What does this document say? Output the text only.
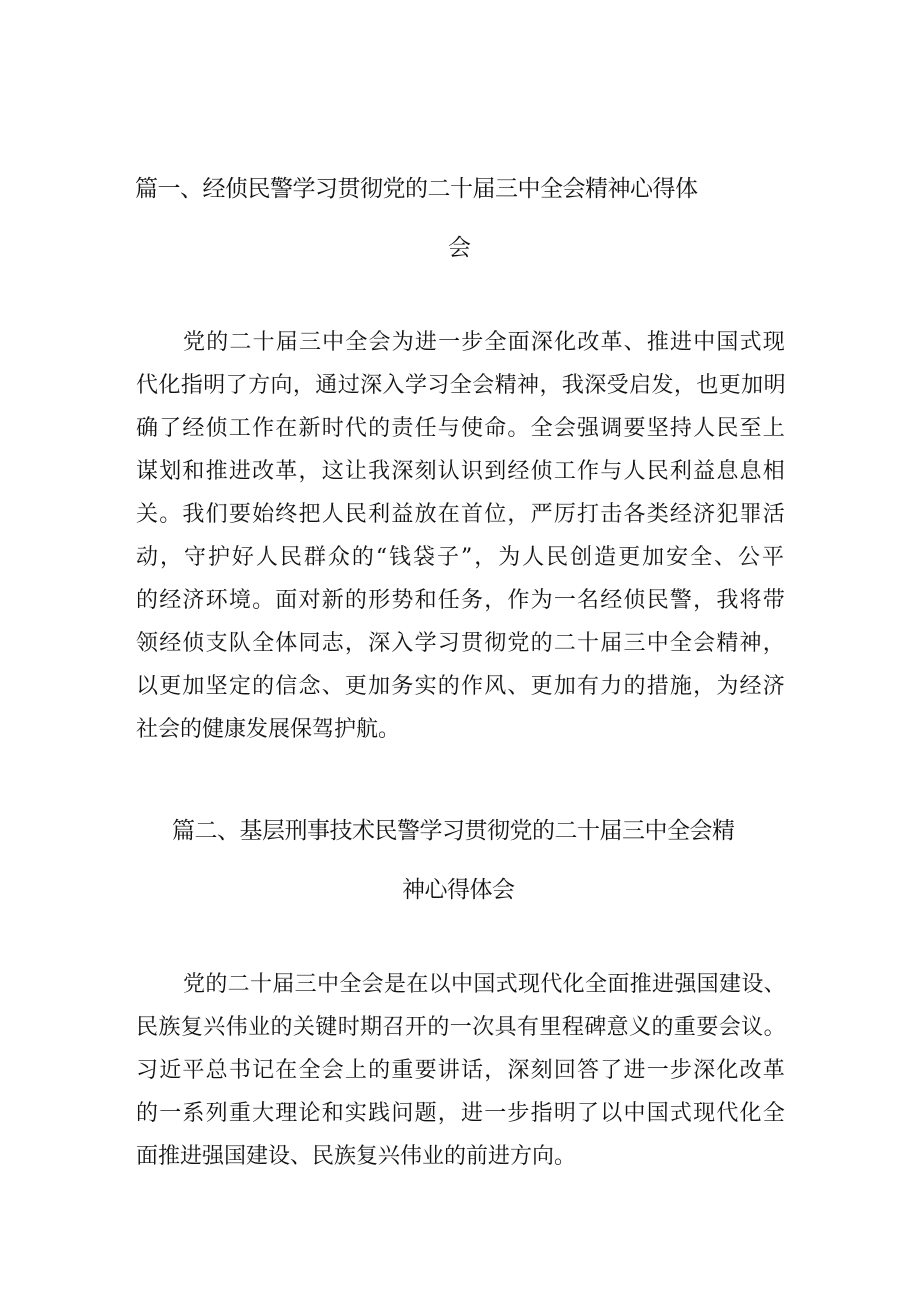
篇一、经侦民警学习贯彻党的二十届三中全会精神心得体
会
党的二十届三中全会为进一步全面深化改革、推进中国式现
代化指明了方向，通过深入学习全会精神，我深受启发，也更加明
确了经侦工作在新时代的责任与使命。全会强调要坚持人民至上
谋划和推进改革，这让我深刻认识到经侦工作与人民利益息息相
关。我们要始终把人民利益放在首位，严厉打击各类经济犯罪活
动，守护好人民群众的“钱袋子”，为人民创造更加安全、公平
的经济环境。面对新的形势和任务，作为一名经侦民警，我将带
领经侦支队全体同志，深入学习贯彻党的二十届三中全会精神，
以更加坚定的信念、更加务实的作风、更加有力的措施，为经济
社会的健康发展保驾护航。
篇二、基层刑事技术民警学习贯彻党的二十届三中全会精
神心得体会
党的二十届三中全会是在以中国式现代化全面推进强国建设、
民族复兴伟业的关键时期召开的一次具有里程碑意义的重要会议。
习近平总书记在全会上的重要讲话，深刻回答了进一步深化改革
的一系列重大理论和实践问题，进一步指明了以中国式现代化全
面推进强国建设、民族复兴伟业的前进方向。
